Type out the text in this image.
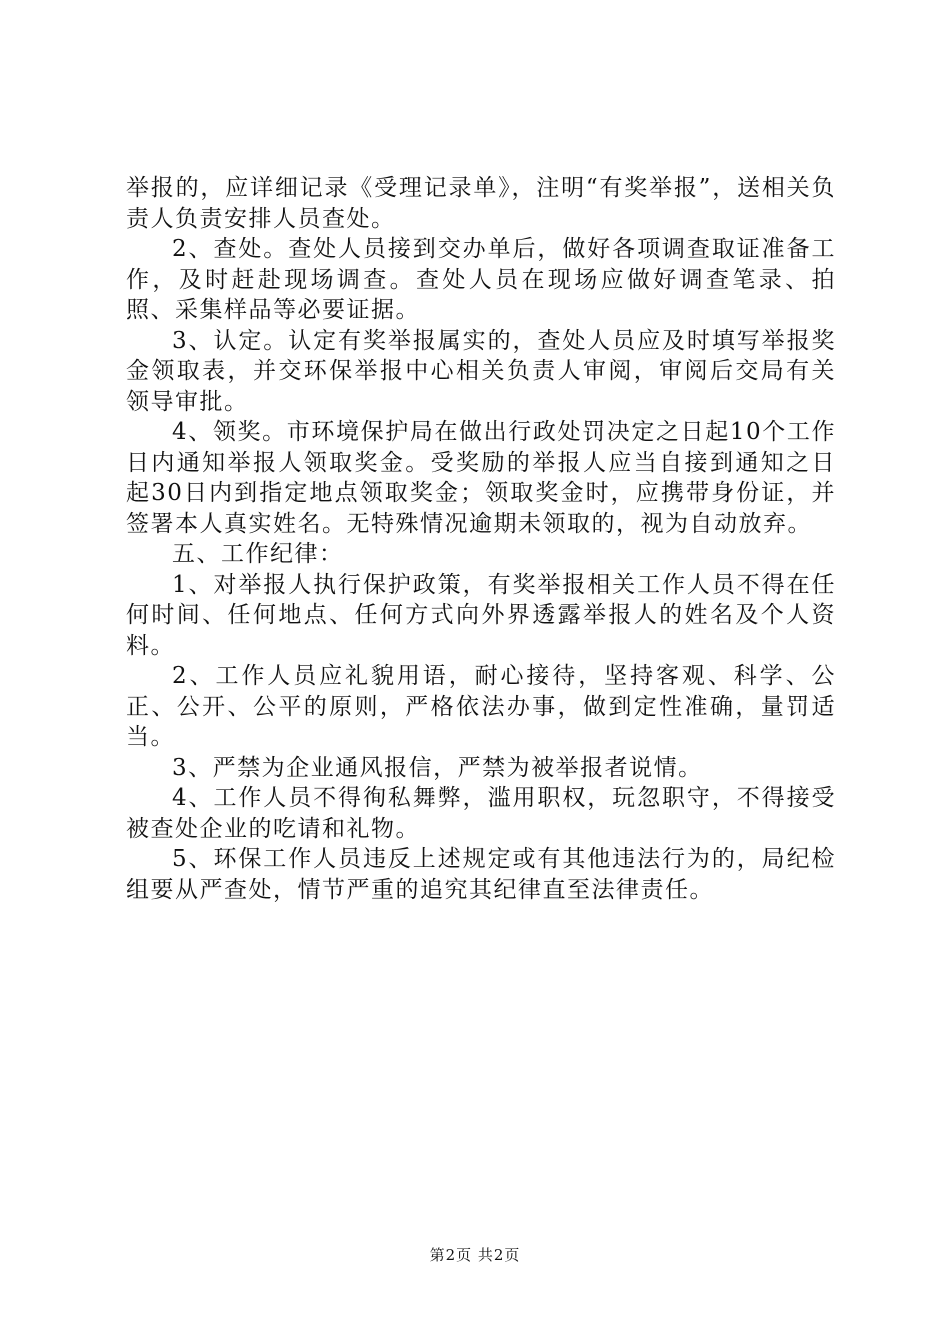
举报的，应详细记录《受理记录单》，注明“有奖举报”，送相关负责人负责安排人员查处。

2、查处。查处人员接到交办单后，做好各项调查取证准备工作，及时赶赴现场调查。查处人员在现场应做好调查笔录、拍照、采集样品等必要证据。

3、认定。认定有奖举报属实的，查处人员应及时填写举报奖金领取表，并交环保举报中心相关负责人审阅，审阅后交局有关领导审批。

4、领奖。市环境保护局在做出行政处罚决定之日起10个工作日内通知举报人领取奖金。受奖励的举报人应当自接到通知之日起30日内到指定地点领取奖金；领取奖金时，应携带身份证，并签署本人真实姓名。无特殊情况逾期未领取的，视为自动放弃。

五、工作纪律：

1、对举报人执行保护政策，有奖举报相关工作人员不得在任何时间、任何地点、任何方式向外界透露举报人的姓名及个人资料。

2、工作人员应礼貌用语，耐心接待，坚持客观、科学、公正、公开、公平的原则，严格依法办事，做到定性准确，量罚适当。

3、严禁为企业通风报信，严禁为被举报者说情。

4、工作人员不得徇私舞弊，滥用职权，玩忽职守，不得接受被查处企业的吃请和礼物。

5、环保工作人员违反上述规定或有其他违法行为的，局纪检组要从严查处，情节严重的追究其纪律直至法律责任。

第2页 共2页
